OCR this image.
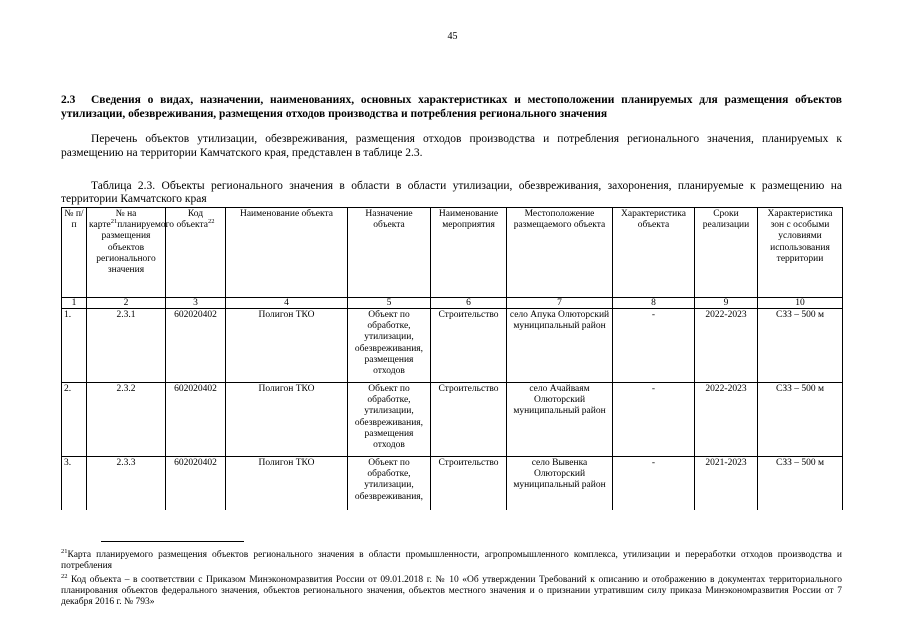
45
2.3 Сведения о видах, назначении, наименованиях, основных характеристиках и местоположении планируемых для размещения объектов утилизации, обезвреживания, размещения отходов производства и потребления регионального значения
Перечень объектов утилизации, обезвреживания, размещения отходов производства и потребления регионального значения, планируемых к размещению на территории Камчатского края, представлен в таблице 2.3.
Таблица 2.3. Объекты регионального значения в области в области утилизации, обезвреживания, захоронения, планируемые к размещению на территории Камчатского края
№ п/п	№ на карте$^{21}$планируемого размещения объектов регионального значения	Код объекта$^{22}$	Наименование объекта	Назначение объекта	Наименование мероприятия	Местоположение размещаемого объекта	Характеристика объекта	Сроки реализации	Характеристика зон с особыми условиями использования территории
1	2	3	4	5	6	7	8	9	10
1.	2.3.1	602020402	Полигон ТКО	Объект по обработке, утилизации, обезвреживания, размещения отходов	Строительство	село Апука Олюторский муниципальный район	-	2022-2023	СЗЗ – 500 м
2.	2.3.2	602020402	Полигон ТКО	Объект по обработке, утилизации, обезвреживания, размещения отходов	Строительство	село Ачайваям Олюторский муниципальный район	-	2022-2023	СЗЗ – 500 м
3.	2.3.3	602020402	Полигон ТКО	Объект по обработке, утилизации, обезвреживания,	Строительство	село Вывенка Олюторский муниципальный район	-	2021-2023	СЗЗ – 500 м
$^{21}$Карта планируемого размещения объектов регионального значения в области промышленности, агропромышленного комплекса, утилизации и переработки отходов производства и потребления
$^{22}$ Код объекта – в соответствии с Приказом Минэкономразвития России от 09.01.2018 г. № 10 «Об утверждении Требований к описанию и отображению в документах территориального планирования объектов федерального значения, объектов регионального значения, объектов местного значения и о признании утратившим силу приказа Минэкономразвития России от 7 декабря 2016 г. № 793»
